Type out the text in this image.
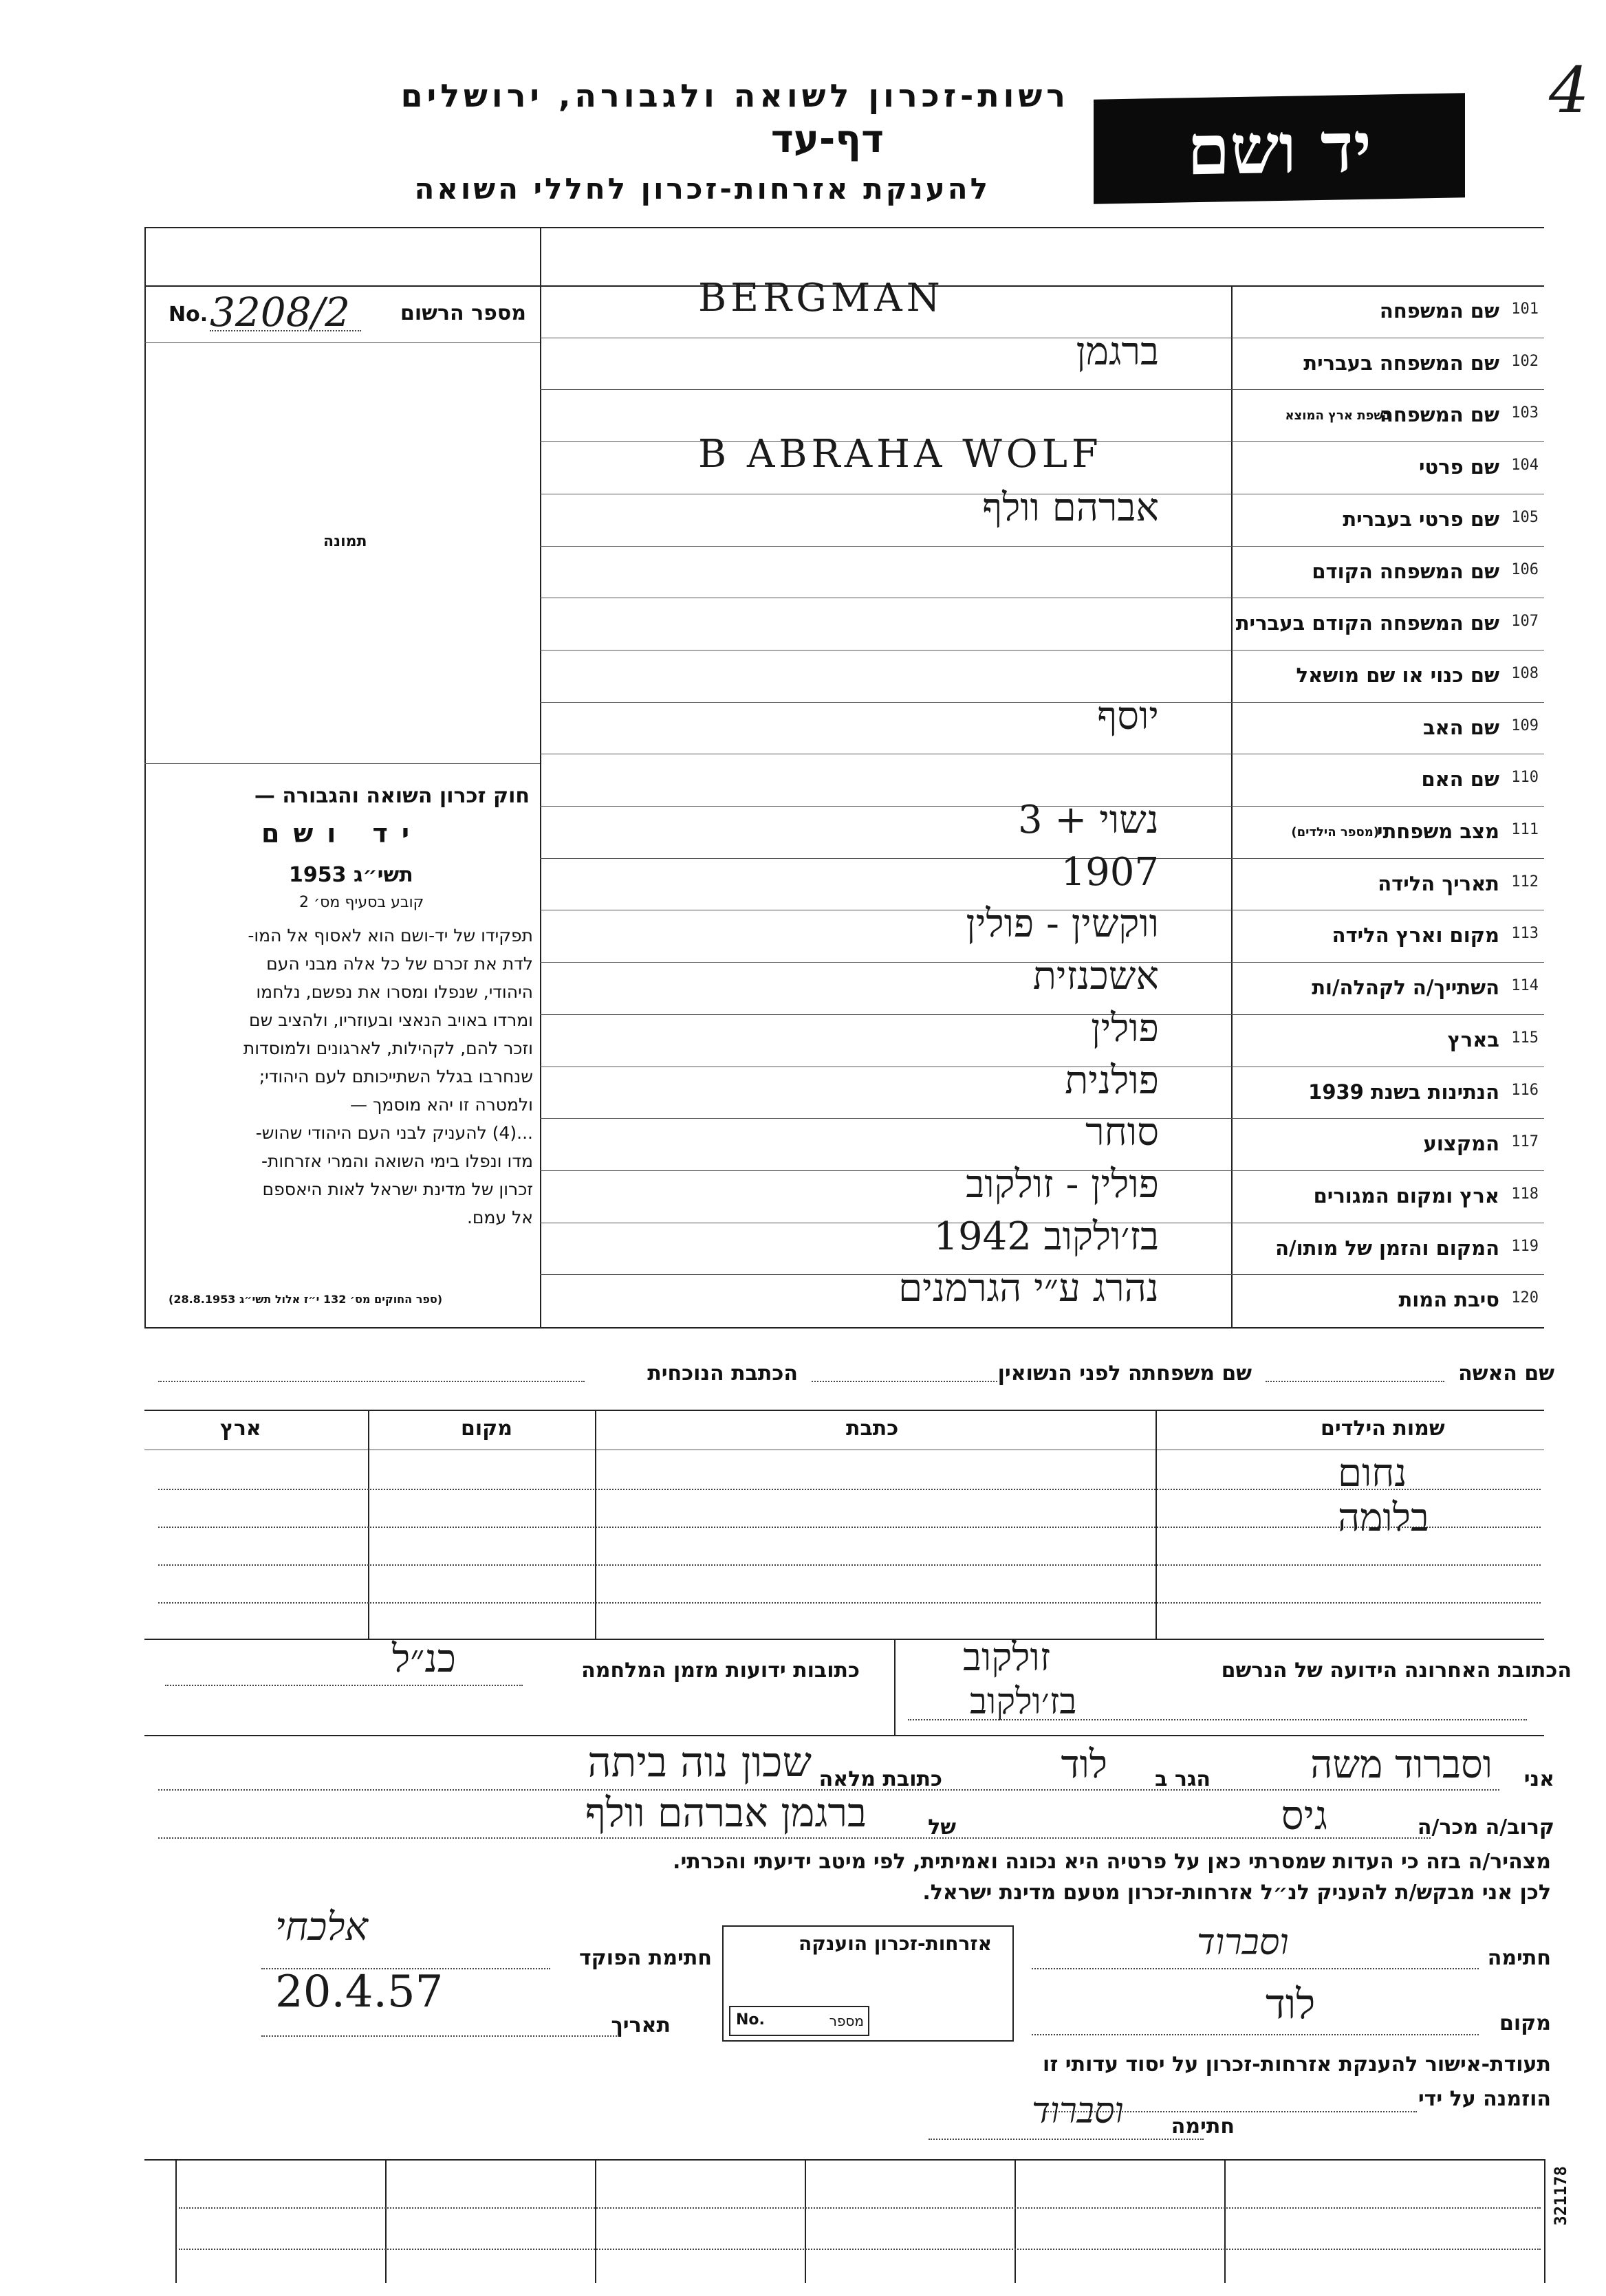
רשות-זכרון לשואה ולגבורה, ירושלים
דף-עד
להענקת אזרחות-זכרון לחללי השואה	יד ושם
4
מספר הרשום
No. 3208/2
תמונה
חוק זכרון השואה והגבורה —
יד ושם
תשי״ג 1953
קובע בסעיף מס׳ 2
תפקידו של יד-ושם הוא לאסוף אל המו-
לדת את זכרם של כל אלה מבני העם
היהודי, שנפלו ומסרו את נפשם, נלחמו
ומרדו באויב הנאצי ובעוזריו, ולהציב שם
וזכר להם, לקהילות, לארגונים ולמוסדות
שנחרבו בגלל השתייכותם לעם היהודי;
ולמטרה זו יהא מוסמך —
...(4) להעניק לבני העם היהודי שהוש-
מדו ונפלו בימי השואה והמרי אזרחות-
זכרון של מדינת ישראל לאות היאספם
אל עמם.
(ספר החוקים מס׳ 132 י״ז אלול תשי״ג 28.8.1953)
101
שם המשפחה
BERGMAN
102
שם המשפחה בעברית
ברגמן
103
שם המשפחה
בשפת ארץ המוצא
104
שם פרטי
B ABRAHA WOLF
105
שם פרטי בעברית
אברהם וולף
106
שם המשפחה הקודם
107
שם המשפחה הקודם בעברית
108
שם כנוי או שם מושאל
109
שם האב
יוסף
110
שם האם
111
מצב משפחתי
(מספר הילדים)
נשוי + 3
112
תאריך הלידה
1907
113
מקום וארץ הלידה
ווקשין - פולין
114
השתייך/ה לקהלה/ות
אשכנזית
115
בארץ
פולין
116
הנתינות בשנת 1939
פולנית
117
המקצוע
סוחר
118
ארץ ומקום המגורים
פולין - זולקוב
119
המקום והזמן של מותו/ה
בז׳ולקוב 1942
120
סיבת המות
נהרג ע״י הגרמנים
שם האשה
שם משפחתה לפני הנשואין
הכתבת הנוכחית
שמות הילדים
כתבת
מקום
ארץ
נחום
בלומה
הכתובת האחרונה הידועה של הנרשם
זולקוב
בז׳ולקוב
כתובות ידועות מזמן המלחמה
כנ״ל
אני
וסברוד משה
הגר ב
לוד
כתובת מלאה
שכון נוה ביתה
קרוב/ה מכר/ה
גיס
של
ברגמן אברהם וולף
מצהיר/ה בזה כי העדות שמסרתי כאן על פרטיה היא נכונה ואמיתית, לפי מיטב ידיעתי והכרתי.
לכן אני מבקש/ת להעניק לנ״ל אזרחות-זכרון מטעם מדינת ישראל.
חתימה
וסברוד
מקום
לוד
חתימת הפוקד
אלכחי
תאריך
20.4.57
אזרחות-זכרון הוענקה
No.	מספר
תעודת-אישור להענקת אזרחות-זכרון על יסוד עדותי זו
הוזמנה על ידי
חתימה
וסברוד
321178
